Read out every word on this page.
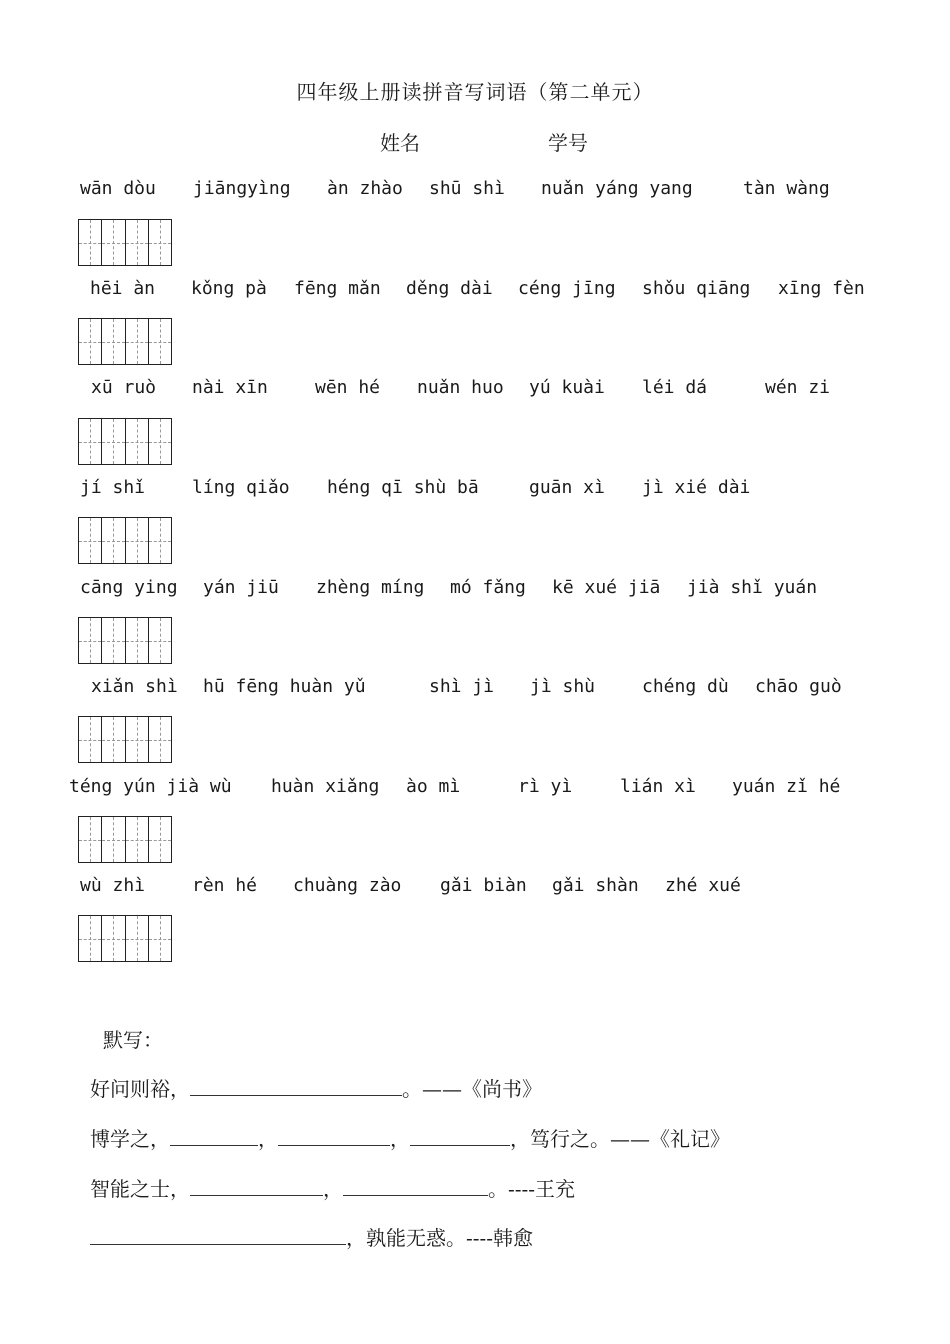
四年级上册读拼音写词语（第二单元）
姓名	学号

wān dòu

jiāngyìng

àn zhào

shū shì

nuǎn yáng yang

	tàn wàng

hēi àn

kǒng pà

fēng mǎn

děng dài

céng jīng

shǒu qiāng

xīng fèn

xū ruò

nài xīn

	wēn hé

nuǎn huo

yú kuài

léi dá

	wén zi

jí shǐ

	líng qiǎo

héng qī shù bā

	guān xì

jì xié dài

cāng ying

yán jiū

zhèng míng

mó fǎng

kē xué jiā

jià shǐ yuán

xiǎn shì

hū fēng huàn yǔ

	shì jì

jì shù

	chéng dù

chāo guò

téng yún jià wù

huàn xiǎng

ào mì

	rì yì

	lián xì

yuán zǐ hé

wù zhì

	rèn hé

chuàng zào

gǎi biàn

gǎi shàn

zhé xué

默写：
好问则裕，	。 ——《尚书》
博学之，	，	，	，笃行之。 ——《礼记》
智能之士，	，	。 ----王充
，孰能无惑。 ----韩愈
